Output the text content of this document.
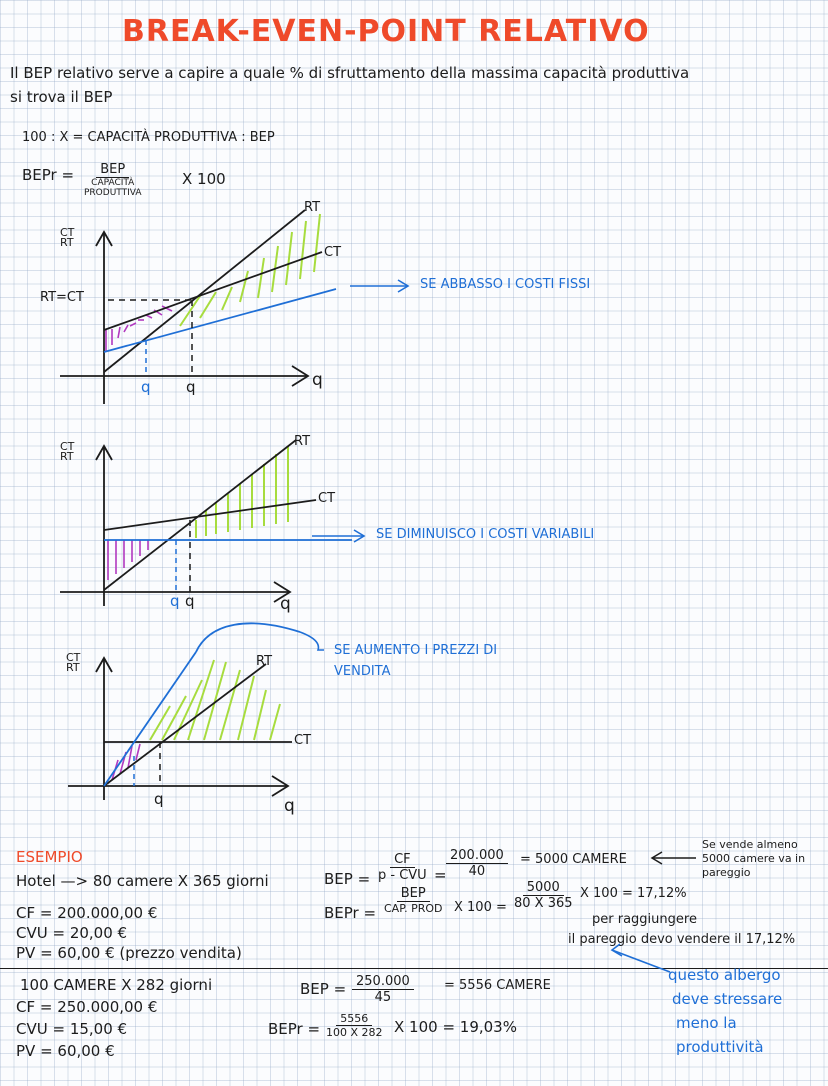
BREAK-EVEN-POINT RELATIVO
Il BEP relativo serve a capire a quale % di sfruttamento della massima capacità produttiva
si trova il BEP
100 : X = CAPACITÀ PRODUTTIVA : BEP
BEPr =	BEP
CAPACITÀ
PRODUTTIVA
X 100
CT
RT
RT
CT
RT=CT
q q	q
SE ABBASSO I COSTI FISSI
CT
RT
RT
CT
q q	q
SE DIMINUISCO I COSTI VARIABILI
CT
RT	RT
CT
q	q
SE AUMENTO I PREZZI DI
VENDITA
ESEMPIO
Hotel —> 80 camere X 365 giorni
CF = 200.000,00 €
CVU = 20,00 €
PV = 60,00 € (prezzo vendita)
BEP =
CF
p - CVU = $\frac{200.000}{40} = 5000$ CAMERE
Se vende almeno
5000 camere va in
pareggio
BEPr =
BEP
CAP. PROD X $100 = \frac{5000}{80 X 365}$ X 100 = 17,12%
per raggiungere
il pareggio devo vendere il 17,12%
100 CAMERE X 282 giorni
CF = 250.000,00 €
CVU = 15,00 €
PV = 60,00 €
BEP = $\frac{250.000}{45} = 5556$ CAMERE
BEPr = $\frac{5556}{100 X 282}$ X 100 = 19,03%
questo albergo
deve stressare
meno la
produttività
